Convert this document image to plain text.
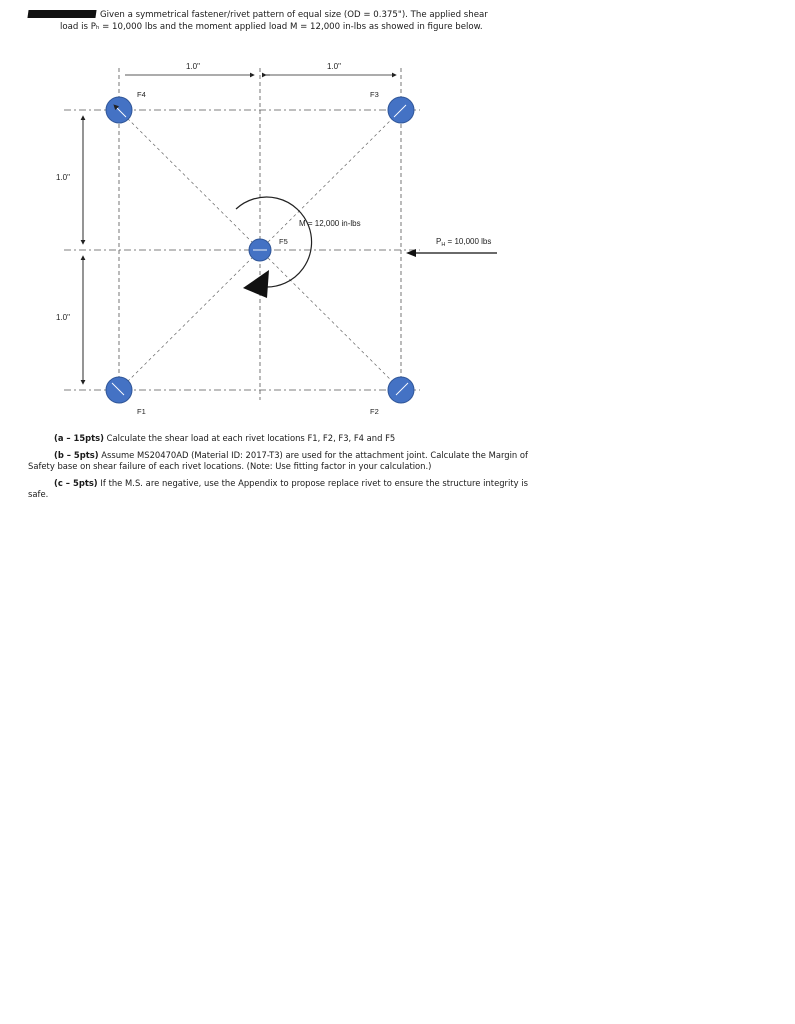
Given a symmetrical fastener/rivet pattern of equal size (OD = 0.375"). The applied shear
load is Pₕ = 10,000 lbs and the moment applied load M = 12,000 in-lbs as showed in figure below.
1.0"	1.0"
1.0"
1.0"
F4	F3
F5
F1	F2
M = 12,000 in-lbs
$P_H = 10,000$ lbs

(a – 15pts) Calculate the shear load at each rivet locations F1, F2, F3, F4 and F5

(b – 5pts) Assume MS20470AD (Material ID: 2017-T3) are used for the attachment joint. Calculate the Margin of Safety base on shear failure of each rivet locations. (Note: Use fitting factor in your calculation.)

(c – 5pts) If the M.S. are negative, use the Appendix to propose replace rivet to ensure the structure integrity is safe.
